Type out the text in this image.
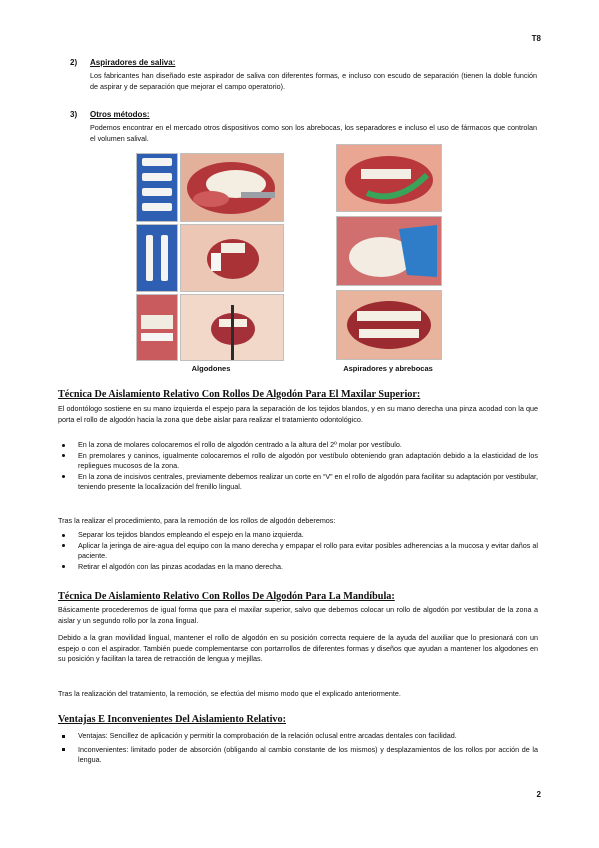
T8
2) Aspiradores de saliva:
Los fabricantes han diseñado este aspirador de saliva con diferentes formas, e incluso con escudo de separación (tienen la doble función de aspirar y de separación que mejorar el campo operatorio).
3) Otros métodos:
Podemos encontrar en el mercado otros dispositivos como son los abrebocas, los separadores e incluso el uso de fármacos que controlan el volumen salival.
Algodones	Aspiradores y abrebocas
Técnica De Aislamiento Relativo Con Rollos De Algodón Para El Maxilar Superior:
El odontólogo sostiene en su mano izquierda el espejo para la separación de los tejidos blandos, y en su mano derecha una pinza acodad con la que porta el rollo de algodón hacia la zona que debe aislar para realizar el tratamiento odontológico.
En la zona de molares colocaremos el rollo de algodón centrado a la altura del 2º molar por vestíbulo.
En premolares y caninos, igualmente colocaremos el rollo de algodón por vestíbulo obteniendo gran adaptación debido a la elasticidad de los repliegues mucosos de la zona.
En la zona de incisivos centrales, previamente debemos realizar un corte en “V” en el rollo de algodón para facilitar su adaptación por vestibular, teniendo presente la localización del frenillo lingual.
Tras la realizar el procedimiento, para la remoción de los rollos de algodón deberemos:
Separar los tejidos blandos empleando el espejo en la mano izquierda.
Aplicar la jeringa de aire-agua del equipo con la mano derecha y empapar el rollo para evitar posibles adherencias a la mucosa y evitar daños al paciente.
Retirar el algodón con las pinzas acodadas en la mano derecha.
Técnica De Aislamiento Relativo Con Rollos De Algodón Para La Mandíbula:
Básicamente procederemos de igual forma que para el maxilar superior, salvo que debemos colocar un rollo de algodón por vestibular de la zona a aislar y un segundo rollo por la zona lingual.
Debido a la gran movilidad lingual, mantener el rollo de algodón en su posición correcta requiere de la ayuda del auxiliar que lo presionará con un espejo o con el aspirador. También puede complementarse con portarrollos de diferentes formas y diseños que ayudan a mantener los algodones en su posición y facilitan la tarea de retracción de lengua y mejillas.
Tras la realización del tratamiento, la remoción, se efectúa del mismo modo que el explicado anteriormente.
Ventajas E Inconvenientes Del Aislamiento Relativo:
Ventajas: Sencillez de aplicación y permitir la comprobación de la relación oclusal entre arcadas dentales con facilidad.
Inconvenientes: limitado poder de absorción (obligando al cambio constante de los mismos) y desplazamientos de los rollos por acción de la lengua.
2
